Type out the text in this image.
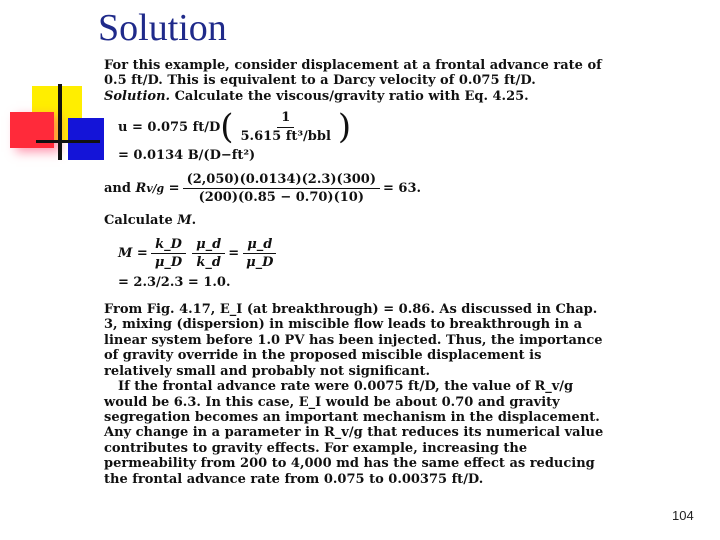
Solution

For this example, consider displacement at a frontal advance rate of 0.5 ft/D. This is equivalent to a Darcy velocity of 0.075 ft/D.

Solution. Calculate the viscous/gravity ratio with Eq. 4.25.

u = 0.075 ft/D ( $\frac{1}{\text{5.615 ft³/bbl}}$ )
= 0.0134 B/(D−ft²)
and
R $v/g = \frac{(2,050)(0.0134)(2.3)(300)}{(200)(0.85 - 0.70)(10)} = 63$.

Calculate M.

$M = \frac{k\_D}{\mu\_D} \frac{\mu\_d}{k\_d} = \frac{\mu\_d}{\mu\_D}$
= 2.3/2.3 = 1.0.

From Fig. 4.17, E_I (at breakthrough) = 0.86. As discussed in Chap. 3, mixing (dispersion) in miscible flow leads to breakthrough in a linear system before 1.0 PV has been injected. Thus, the importance of gravity override in the proposed miscible displacement is relatively small and probably not significant.

If the frontal advance rate were 0.0075 ft/D, the value of R_v/g would be 6.3. In this case, E_I would be about 0.70 and gravity segregation becomes an important mechanism in the displacement. Any change in a parameter in R_v/g that reduces its numerical value contributes to gravity effects. For example, increasing the permeability from 200 to 4,000 md has the same effect as reducing the frontal advance rate from 0.075 to 0.00375 ft/D.

104
